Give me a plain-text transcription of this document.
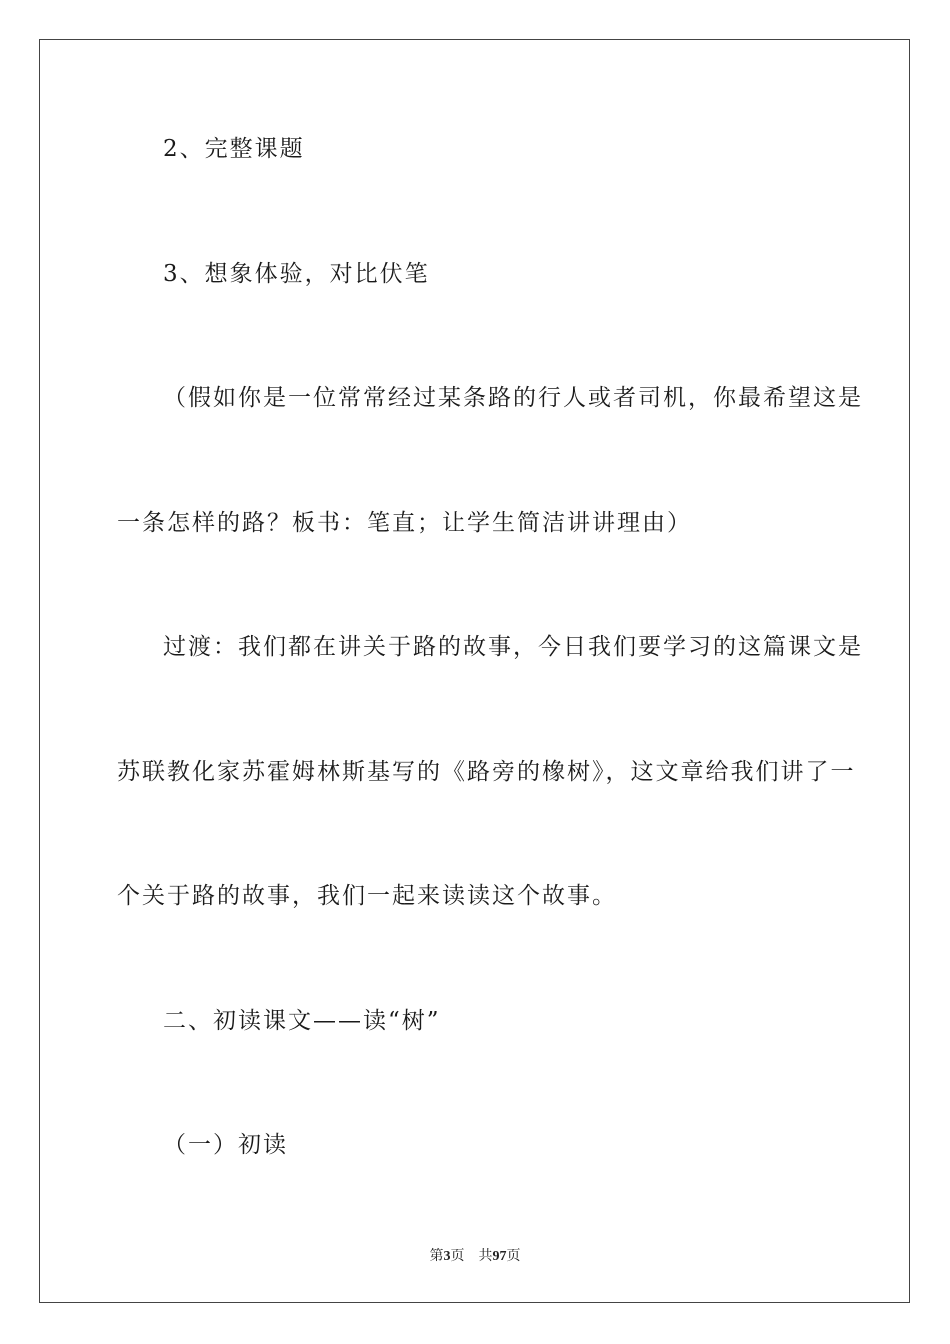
2、完整课题
3、想象体验，对比伏笔
（假如你是一位常常经过某条路的行人或者司机，你最希望这是
一条怎样的路？板书：笔直；让学生简洁讲讲理由）
过渡：我们都在讲关于路的故事，今日我们要学习的这篇课文是
苏联教化家苏霍姆林斯基写的《路旁的橡树》，这文章给我们讲了一
个关于路的故事，我们一起来读读这个故事。
二、初读课文——读“树”
（一）初读
第3页 共97页
